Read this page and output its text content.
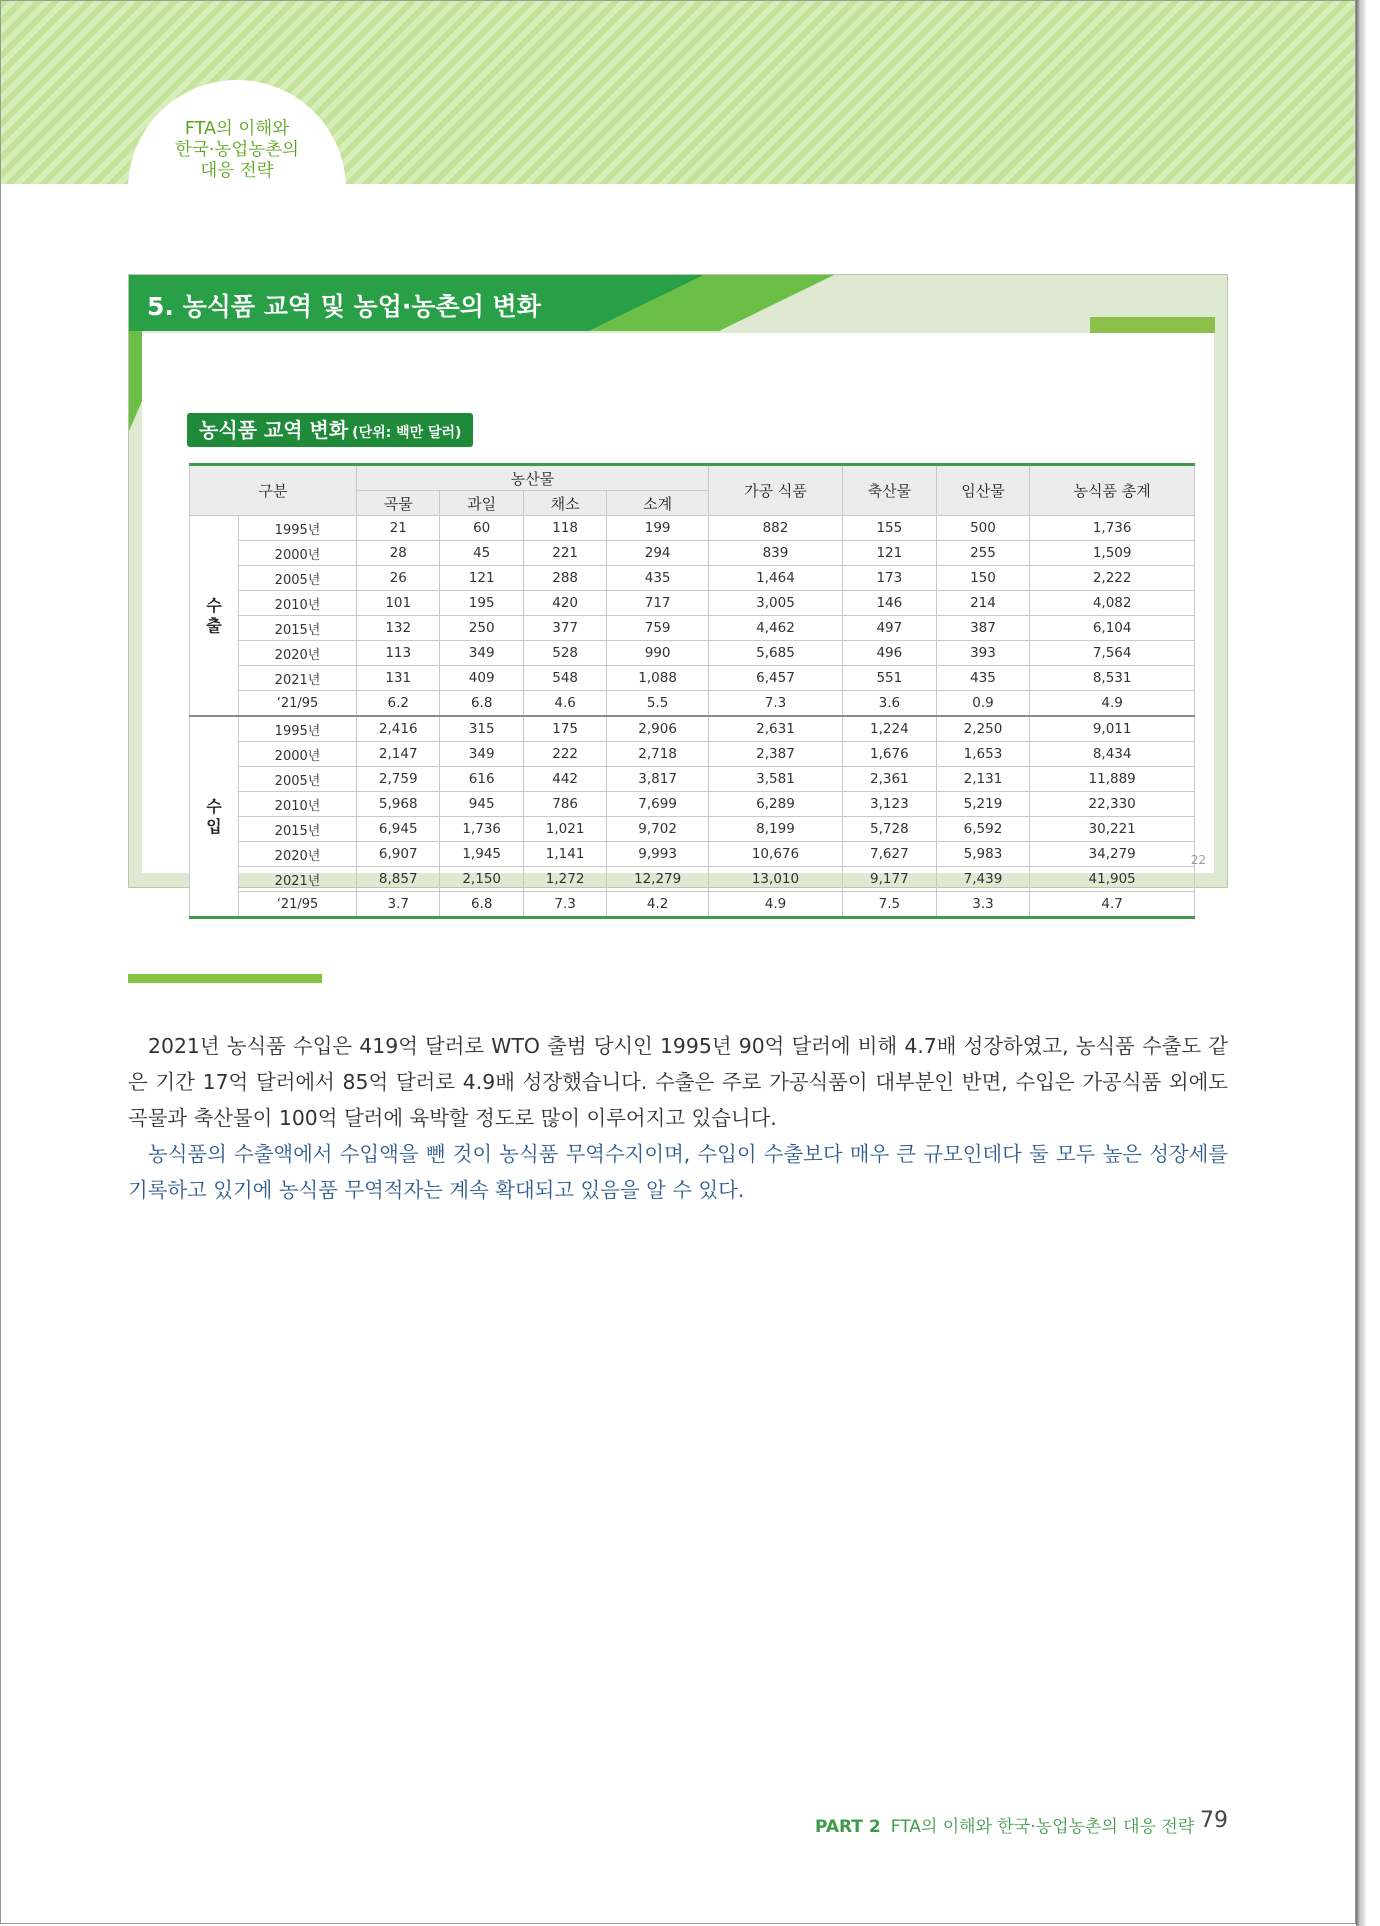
FTA의 이해와
한국·농업농촌의
대응 전략
5. 농식품 교역 및 농업·농촌의 변화
농식품 교역 변화 (단위: 백만 달러)
구분		농산물				가공 식품	축산물	임산물	농식품 총계
		곡물	과일	채소	소계				

수
출	1995년	21	60	118	199	882	155	500	1,736
	2000년	28	45	221	294	839	121	255	1,509
	2005년	26	121	288	435	1,464	173	150	2,222
	2010년	101	195	420	717	3,005	146	214	4,082
	2015년	132	250	377	759	4,462	497	387	6,104
	2020년	113	349	528	990	5,685	496	393	7,564
	2021년	131	409	548	1,088	6,457	551	435	8,531
	‘21/95	6.2	6.8	4.6	5.5	7.3	3.6	0.9	4.9

수
입	1995년	2,416	315	175	2,906	2,631	1,224	2,250	9,011
	2000년	2,147	349	222	2,718	2,387	1,676	1,653	8,434
	2005년	2,759	616	442	3,817	3,581	2,361	2,131	11,889
	2010년	5,968	945	786	7,699	6,289	3,123	5,219	22,330
	2015년	6,945	1,736	1,021	9,702	8,199	5,728	6,592	30,221
	2020년	6,907	1,945	1,141	9,993	10,676	7,627	5,983	34,279
	2021년	8,857	2,150	1,272	12,279	13,010	9,177	7,439	41,905
	‘21/95	3.7	6.8	7.3	4.2	4.9	7.5	3.3	4.7
22
2021년 농식품 수입은 419억 달러로 WTO 출범 당시인 1995년 90억 달러에 비해 4.7배 성장하였고, 농식품 수출도 같은 기간 17억 달러에서 85억 달러로 4.9배 성장했습니다. 수출은 주로 가공식품이 대부분인 반면, 수입은 가공식품 외에도 곡물과 축산물이 100억 달러에 육박할 정도로 많이 이루어지고 있습니다.
농식품의 수출액에서 수입액을 뺀 것이 농식품 무역수지이며, 수입이 수출보다 매우 큰 규모인데다 둘 모두 높은 성장세를 기록하고 있기에 농식품 무역적자는 계속 확대되고 있음을 알 수 있다.
PART 2 FTA의 이해와 한국·농업농촌의 대응 전략 79
